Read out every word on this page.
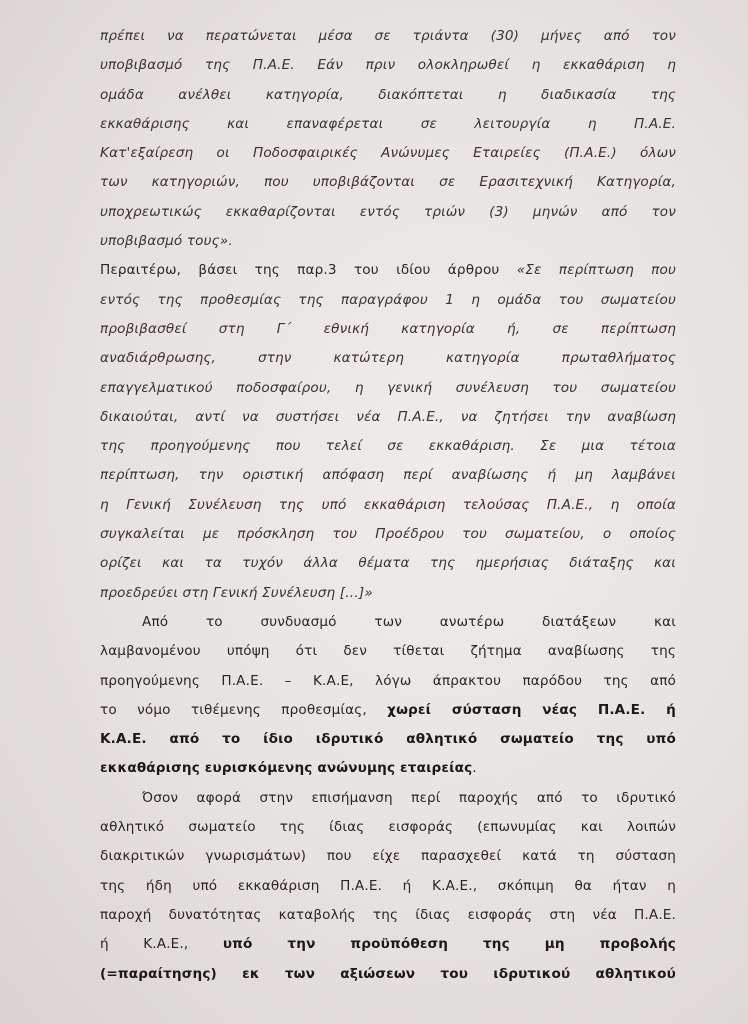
πρέπει να περατώνεται μέσα σε τριάντα (30) μήνες από τον
υποβιβασμό της Π.Α.Ε. Εάν πριν ολοκληρωθεί η εκκαθάριση η
ομάδα ανέλθει κατηγορία, διακόπτεται η διαδικασία της
εκκαθάρισης και επαναφέρεται σε λειτουργία η Π.Α.Ε.
Κατ'εξαίρεση οι Ποδοσφαιρικές Ανώνυμες Εταιρείες (Π.Α.Ε.) όλων
των κατηγοριών, που υποβιβάζονται σε Ερασιτεχνική Κατηγορία,
υποχρεωτικώς εκκαθαρίζονται εντός τριών (3) μηνών από τον
υποβιβασμό τους».
Περαιτέρω, βάσει της παρ.3 του ιδίου άρθρου «Σε περίπτωση που
εντός της προθεσμίας της παραγράφου 1 η ομάδα του σωματείου
προβιβασθεί στη Γ΄ εθνική κατηγορία ή, σε περίπτωση
αναδιάρθρωσης, στην κατώτερη κατηγορία πρωταθλήματος
επαγγελματικού ποδοσφαίρου, η γενική συνέλευση του σωματείου
δικαιούται, αντί να συστήσει νέα Π.Α.Ε., να ζητήσει την αναβίωση
της προηγούμενης που τελεί σε εκκαθάριση. Σε μια τέτοια
περίπτωση, την οριστική απόφαση περί αναβίωσης ή μη λαμβάνει
η Γενική Συνέλευση της υπό εκκαθάριση τελούσας Π.Α.Ε., η οποία
συγκαλείται με πρόσκληση του Προέδρου του σωματείου, ο οποίος
ορίζει και τα τυχόν άλλα θέματα της ημερήσιας διάταξης και
προεδρεύει στη Γενική Συνέλευση […]»
Από το συνδυασμό των ανωτέρω διατάξεων και
λαμβανομένου υπόψη ότι δεν τίθεται ζήτημα αναβίωσης της
προηγούμενης Π.Α.Ε. – Κ.Α.Ε, λόγω άπρακτου παρόδου της από
το νόμο τιθέμενης προθεσμίας, χωρεί σύσταση νέας Π.Α.Ε. ή
Κ.Α.Ε. από το ίδιο ιδρυτικό αθλητικό σωματείο της υπό
εκκαθάρισης ευρισκόμενης ανώνυμης εταιρείας.
Όσον αφορά στην επισήμανση περί παροχής από το ιδρυτικό
αθλητικό σωματείο της ίδιας εισφοράς (επωνυμίας και λοιπών
διακριτικών γνωρισμάτων) που είχε παρασχεθεί κατά τη σύσταση
της ήδη υπό εκκαθάριση Π.Α.Ε. ή Κ.Α.Ε., σκόπιμη θα ήταν η
παροχή δυνατότητας καταβολής της ίδιας εισφοράς στη νέα Π.Α.Ε.
ή Κ.Α.Ε., υπό την προϋπόθεση της μη προβολής
(=παραίτησης) εκ των αξιώσεων του ιδρυτικού αθλητικού
